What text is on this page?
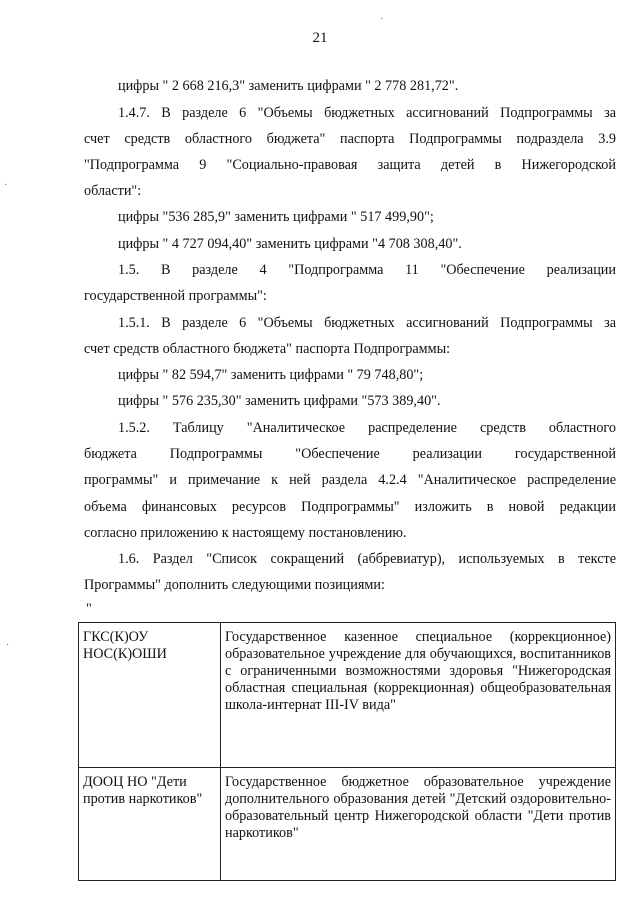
·
·
·
21
цифры " 2 668 216,3" заменить цифрами " 2 778 281,72".
1.4.7. В разделе 6 "Объемы бюджетных ассигнований Подпрограммы за
счет средств областного бюджета" паспорта Подпрограммы подраздела 3.9
"Подпрограмма 9 "Социально-правовая защита детей в Нижегородской
области":
цифры "536 285,9" заменить цифрами " 517 499,90";
цифры " 4 727 094,40" заменить цифрами "4 708 308,40".
1.5. В разделе 4 "Подпрограмма 11 "Обеспечение реализации
государственной программы":
1.5.1. В разделе 6 "Объемы бюджетных ассигнований Подпрограммы за
счет средств областного бюджета" паспорта Подпрограммы:
цифры " 82 594,7" заменить цифрами " 79 748,80";
цифры " 576 235,30" заменить цифрами "573 389,40".
1.5.2. Таблицу "Аналитическое распределение средств областного
бюджета Подпрограммы "Обеспечение реализации государственной
программы" и примечание к ней раздела 4.2.4 "Аналитическое распределение
объема финансовых ресурсов Подпрограммы" изложить в новой редакции
согласно приложению к настоящему постановлению.
1.6. Раздел "Список сокращений (аббревиатур), используемых в тексте
Программы" дополнить следующими позициями:
"
ГКС(К)ОУ НОС(К)ОШИ	Государственное казенное специальное (коррекционное) образовательное учреждение для обучающихся, воспитанников с ограниченными возможностями здоровья "Нижегородская областная специальная (коррекционная) общеобразовательная школа-интернат III-IV вида"
ДООЦ НО "Дети против наркотиков"	Государственное бюджетное образовательное учреждение дополнительного образования детей "Детский оздоровительно-образовательный центр Нижегородской области "Дети против наркотиков"
